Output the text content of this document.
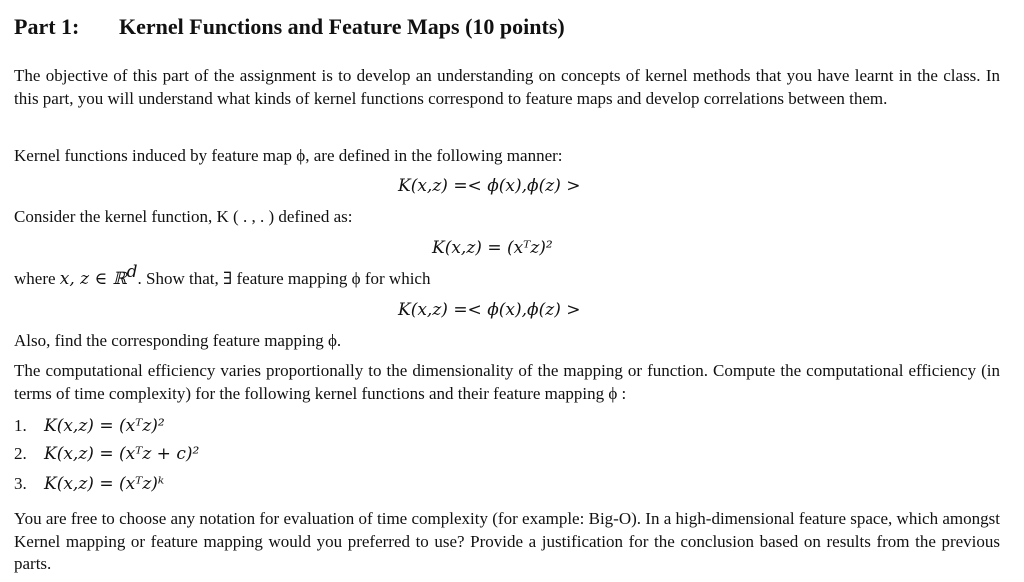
Part 1: Kernel Functions and Feature Maps (10 points)
The objective of this part of the assignment is to develop an understanding on concepts of kernel methods that you have learnt in the class. In this part, you will understand what kinds of kernel functions correspond to feature maps and develop correlations between them.
Kernel functions induced by feature map ϕ, are defined in the following manner:
K(x,z) =< ϕ(x),ϕ(z) >
Consider the kernel function, K ( . , . ) defined as:
K(x,z) = (xᵀz)²
where x, z ∈ ℝ$^d$. Show that, ∃ feature mapping ϕ for which
K(x,z) =< ϕ(x),ϕ(z) >
Also, find the corresponding feature mapping ϕ.
The computational efficiency varies proportionally to the dimensionality of the mapping or function. Compute the computational efficiency (in terms of time complexity) for the following kernel functions and their feature mapping ϕ :
1. K(x,z) = (xᵀz)²
2. K(x,z) = (xᵀz + c)²
3. K(x,z) = (xᵀz)ᵏ
You are free to choose any notation for evaluation of time complexity (for example: Big-O). In a high-dimensional feature space, which amongst Kernel mapping or feature mapping would you preferred to use? Provide a justification for the conclusion based on results from the previous parts.
